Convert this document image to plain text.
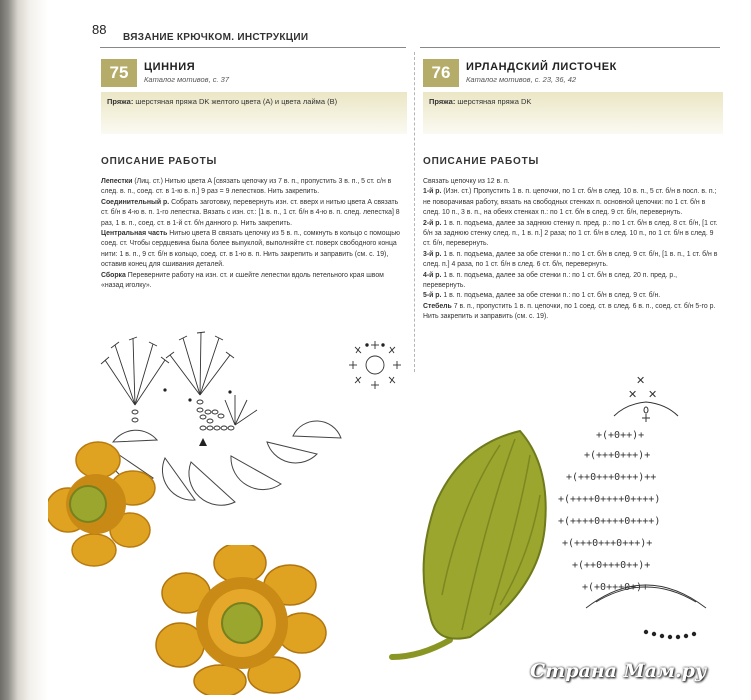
88
ВЯЗАНИЕ КРЮЧКОМ. ИНСТРУКЦИИ
75	ЦИННИЯ
Каталог мотивов, с. 37
Пряжа: шерстяная пряжа DK желтого цвета (А) и цвета лайма (В)
ОПИСАНИЕ РАБОТЫ

Лепестки (Лиц. ст.) Нитью цвета А [связать цепочку из 7 в. п., пропустить 3 в. п., 5 ст. с/н в след. в. п., соед. ст. в 1-ю в. п.] 9 раз = 9 лепестков. Нить закрепить.

Соединительный р. Собрать заготовку, перевернуть изн. ст. вверх и нитью цвета А связать ст. б/н в 4-ю в. п. 1-го лепестка. Вязать с изн. ст.: [1 в. п., 1 ст. б/н в 4-ю в. п. след. лепестка] 8 раз, 1 в. п., соед. ст. в 1-й ст. б/н данного р. Нить закрепить.

Центральная часть Нитью цвета В связать цепочку из 5 в. п., сомкнуть в кольцо с помощью соед. ст. Чтобы сердцевина была более выпуклой, выполняйте ст. поверх свободного конца нити: 1 в. п., 9 ст. б/н в кольцо, соед. ст. в 1-ю в. п. Нить закрепить и заправить (см. с. 19), оставив конец для сшивания деталей.

Сборка Переверните работу на изн. ст. и сшейте лепестки вдоль петельного края швом «назад иголку».

76	ИРЛАНДСКИЙ ЛИСТОЧЕК
Каталог мотивов, с. 23, 36, 42
Пряжа: шерстяная пряжа DK
ОПИСАНИЕ РАБОТЫ

Связать цепочку из 12 в. п.

1-й р. (Изн. ст.) Пропустить 1 в. п. цепочки, по 1 ст. б/н в след. 10 в. п., 5 ст. б/н в посл. в. п.; не поворачивая работу, вязать на свободных стенках п. основной цепочки: по 1 ст. б/н в след. 10 п., 3 в. п., на обеих стенках п.: по 1 ст. б/н в след. 9 ст. б/н, перевернуть.

2-й р. 1 в. п. подъема, далее за заднюю стенку п. пред. р.: по 1 ст. б/н в след. 8 ст. б/н, [1 ст. б/н за заднюю стенку след. п., 1 в. п.] 2 раза; по 1 ст. б/н в след. 10 п., по 1 ст. б/н в след. 9 ст. б/н, перевернуть.

3-й р. 1 в. п. подъема, далее за обе стенки п.: по 1 ст. б/н в след. 9 ст. б/н, [1 в. п., 1 ст. б/н в след. п.] 4 раза, по 1 ст. б/н в след. 6 ст. б/н, перевернуть.

4-й р. 1 в. п. подъема, далее за обе стенки п.: по 1 ст. б/н в след. 20 п. пред. р., перевернуть.

5-й р. 1 в. п. подъема, далее за обе стенки п.: по 1 ст. б/н в след. 9 ст. б/н.

Стебель 7 в. п., пропустить 1 в. п. цепочки, по 1 соед. ст. в след. 6 в. п., соед. ст. б/н 5-го р.

Нить закрепить и заправить (см. с. 19).

✕
✕ ✕
+(+0++)+
+(+++0+++)+
+(++0+++0+++)++
+(++++0++++0++++)
+(++++0++++0++++)
+(+++0+++0+++)+
+(++0+++0++)+
+(+0+++0+)+
Страна Мам.ру
